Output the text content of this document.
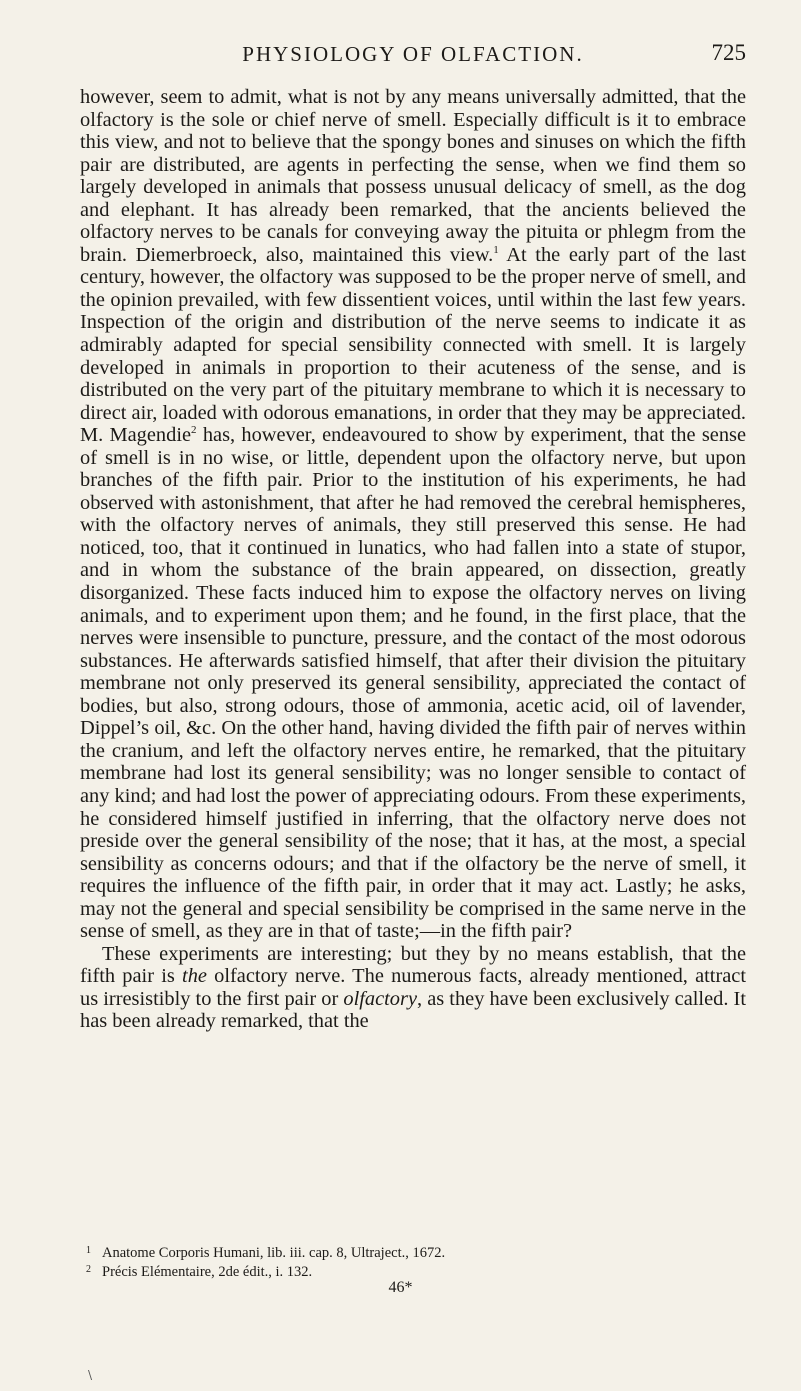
PHYSIOLOGY OF OLFACTION.	725

however, seem to admit, what is not by any means universally admitted, that the olfactory is the sole or chief nerve of smell. Especially difficult is it to embrace this view, and not to believe that the spongy bones and sinuses on which the fifth pair are distributed, are agents in perfecting the sense, when we find them so largely developed in animals that possess unusual delicacy of smell, as the dog and elephant. It has already been remarked, that the ancients believed the olfactory nerves to be canals for conveying away the pituita or phlegm from the brain. Diemerbroeck, also, maintained this view.$^1$ At the early part of the last century, however, the olfactory was supposed to be the proper nerve of smell, and the opinion prevailed, with few dissentient voices, until within the last few years. Inspection of the origin and distribution of the nerve seems to indicate it as admirably adapted for special sensibility connected with smell. It is largely developed in animals in proportion to their acuteness of the sense, and is distributed on the very part of the pituitary membrane to which it is necessary to direct air, loaded with odorous emanations, in order that they may be appreciated. M. Magendie$^2$ has, however, endeavoured to show by experiment, that the sense of smell is in no wise, or little, dependent upon the olfactory nerve, but upon branches of the fifth pair. Prior to the institution of his experiments, he had observed with astonishment, that after he had removed the cerebral hemispheres, with the olfactory nerves of animals, they still preserved this sense. He had noticed, too, that it continued in lunatics, who had fallen into a state of stupor, and in whom the substance of the brain appeared, on dissection, greatly disorganized. These facts induced him to expose the olfactory nerves on living animals, and to experiment upon them; and he found, in the first place, that the nerves were insensible to puncture, pressure, and the contact of the most odorous substances. He afterwards satisfied himself, that after their division the pituitary membrane not only preserved its general sensibility, appreciated the contact of bodies, but also, strong odours, those of ammonia, acetic acid, oil of lavender, Dippel’s oil, &c. On the other hand, having divided the fifth pair of nerves within the cranium, and left the olfactory nerves entire, he remarked, that the pituitary membrane had lost its general sensibility; was no longer sensible to contact of any kind; and had lost the power of appreciating odours. From these experiments, he considered himself justified in inferring, that the olfactory nerve does not preside over the general sensibility of the nose; that it has, at the most, a special sensibility as concerns odours; and that if the olfactory be the nerve of smell, it requires the influence of the fifth pair, in order that it may act. Lastly; he asks, may not the general and special sensibility be comprised in the same nerve in the sense of smell, as they are in that of taste;—in the fifth pair?

These experiments are interesting; but they by no means establish, that the fifth pair is the olfactory nerve. The numerous facts, already mentioned, attract us irresistibly to the first pair or olfactory, as they have been exclusively called. It has been already remarked, that the

1 Anatome Corporis Humani, lib. iii. cap. 8, Ultraject., 1672.
2 Précis Elémentaire, 2de édit., i. 132.
46*
\
